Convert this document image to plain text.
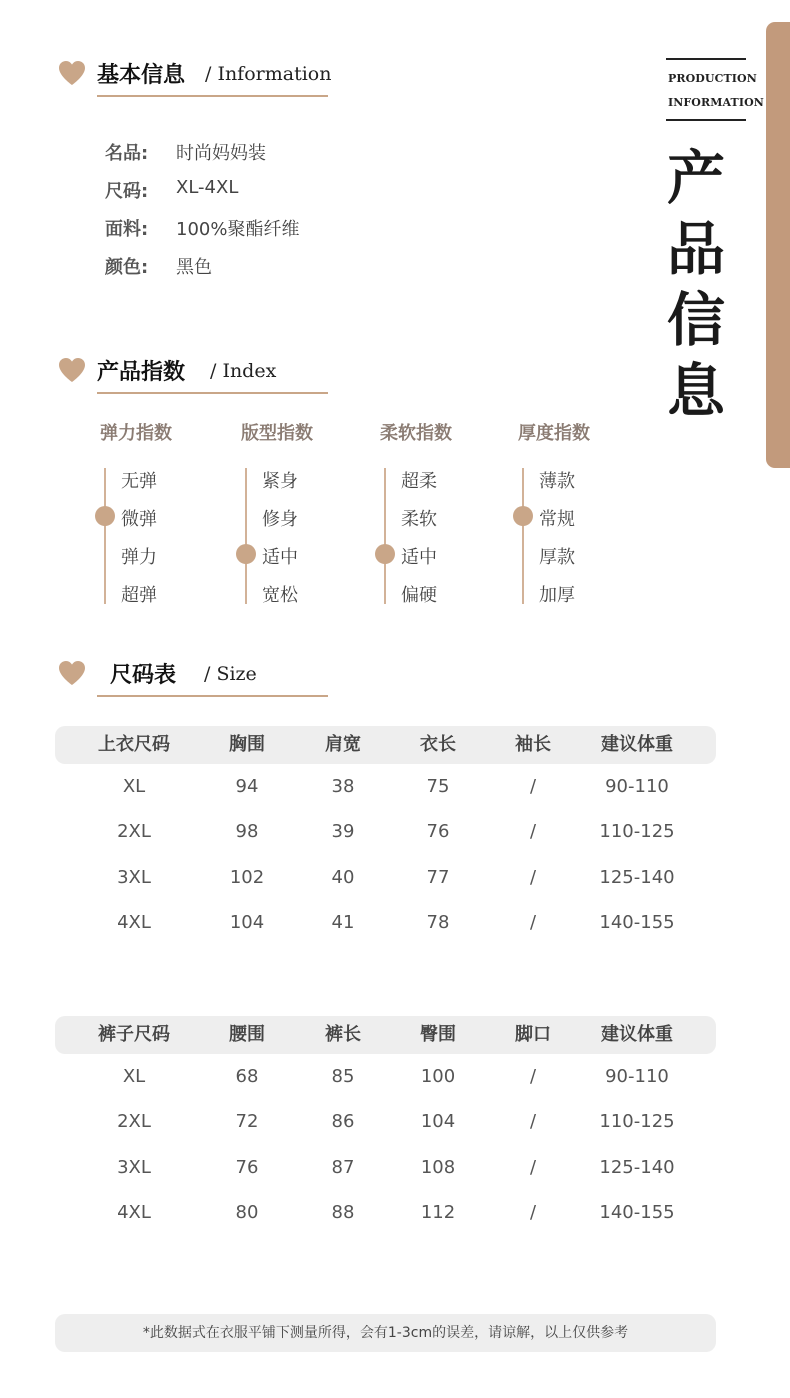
PRODUCTION
INFORMATION
产
品
信
息
基本信息 / Information
名品: 时尚妈妈装
尺码: XL-4XL
面料: 100%聚酯纤维
颜色: 黑色
产品指数 / Index
弹力指数
无弹
微弹
弹力
超弹
版型指数
紧身
修身
适中
宽松
柔软指数
超柔
柔软
适中
偏硬
厚度指数
薄款
常规
厚款
加厚
尺码表 / Size
上衣尺码	胸围	肩宽	衣长	袖长	建议体重
XL	94	38	75	/	90-110
2XL	98	39	76	/	110-125
3XL	102	40	77	/	125-140
4XL	104	41	78	/	140-155
裤子尺码	腰围	裤长	臀围	脚口	建议体重
XL	68	85	100	/	90-110
2XL	72	86	104	/	110-125
3XL	76	87	108	/	125-140
4XL	80	88	112	/	140-155
*此数据式在衣服平铺下测量所得，会有1-3cm的误差，请谅解，以上仅供参考
